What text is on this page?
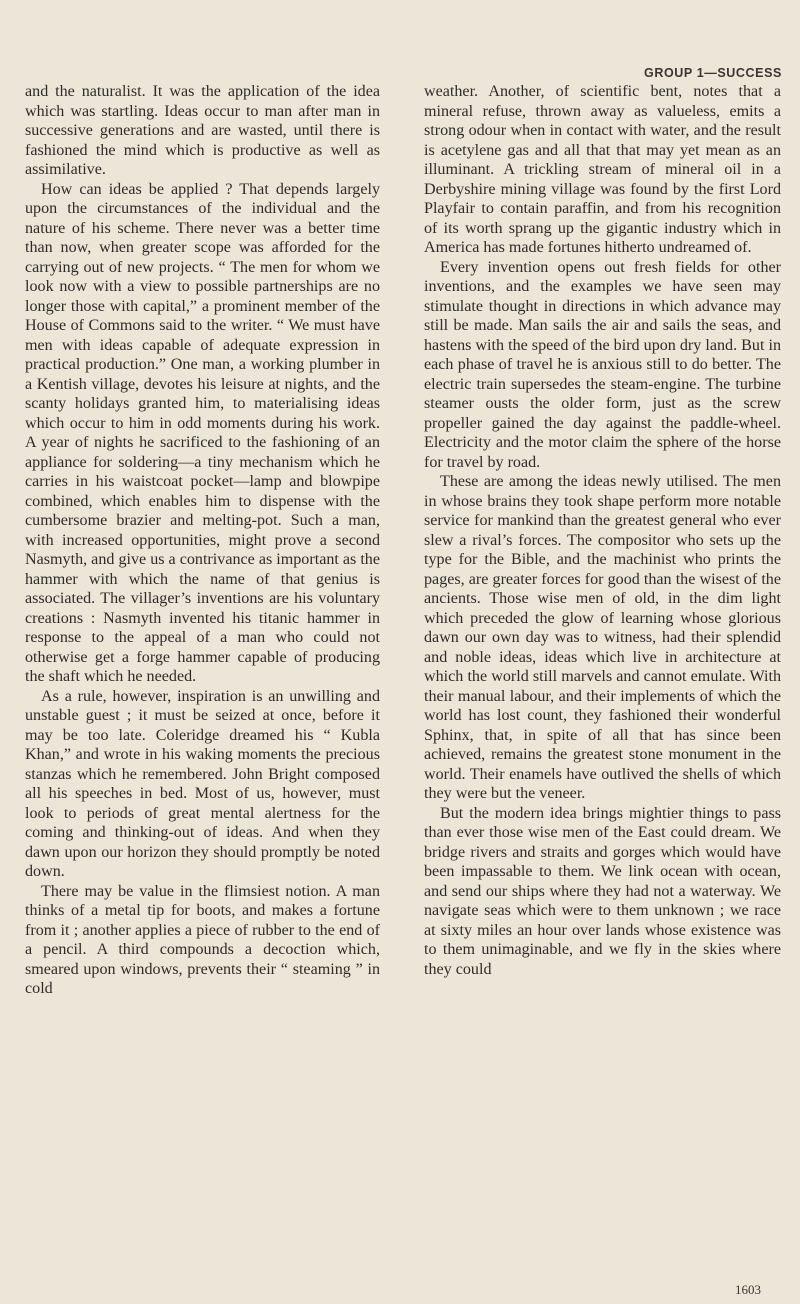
GROUP 1—SUCCESS

and the naturalist. It was the application of the idea which was startling. Ideas occur to man after man in successive generations and are wasted, until there is fashioned the mind which is productive as well as assimilative.

How can ideas be applied ? That depends largely upon the circumstances of the individual and the nature of his scheme. There never was a better time than now, when greater scope was afforded for the carrying out of new projects. “ The men for whom we look now with a view to possible partnerships are no longer those with capital,” a prominent member of the House of Commons said to the writer. “ We must have men with ideas capable of adequate expression in practical production.” One man, a working plumber in a Kentish village, devotes his leisure at nights, and the scanty holidays granted him, to materialising ideas which occur to him in odd moments during his work. A year of nights he sacrificed to the fashioning of an appliance for soldering—a tiny mechanism which he carries in his waistcoat pocket—lamp and blowpipe combined, which enables him to dispense with the cumbersome brazier and melting-pot. Such a man, with increased opportunities, might prove a second Nasmyth, and give us a contrivance as important as the hammer with which the name of that genius is associated. The villager’s inventions are his voluntary creations : Nasmyth invented his titanic hammer in response to the appeal of a man who could not otherwise get a forge hammer capable of producing the shaft which he needed.

As a rule, however, inspiration is an unwilling and unstable guest ; it must be seized at once, before it may be too late. Coleridge dreamed his “ Kubla Khan,” and wrote in his waking moments the precious stanzas which he remembered. John Bright composed all his speeches in bed. Most of us, however, must look to periods of great mental alertness for the coming and thinking-out of ideas. And when they dawn upon our horizon they should promptly be noted down.

There may be value in the flimsiest notion. A man thinks of a metal tip for boots, and makes a fortune from it ; another applies a piece of rubber to the end of a pencil. A third compounds a decoction which, smeared upon windows, prevents their “ steaming ” in cold

weather. Another, of scientific bent, notes that a mineral refuse, thrown away as valueless, emits a strong odour when in contact with water, and the result is acetylene gas and all that that may yet mean as an illuminant. A trickling stream of mineral oil in a Derbyshire mining village was found by the first Lord Playfair to contain paraffin, and from his recognition of its worth sprang up the gigantic industry which in America has made fortunes hitherto undreamed of.

Every invention opens out fresh fields for other inventions, and the examples we have seen may stimulate thought in directions in which advance may still be made. Man sails the air and sails the seas, and hastens with the speed of the bird upon dry land. But in each phase of travel he is anxious still to do better. The electric train supersedes the steam-engine. The turbine steamer ousts the older form, just as the screw propeller gained the day against the paddle-wheel. Electricity and the motor claim the sphere of the horse for travel by road.

These are among the ideas newly utilised. The men in whose brains they took shape perform more notable service for mankind than the greatest general who ever slew a rival’s forces. The compositor who sets up the type for the Bible, and the machinist who prints the pages, are greater forces for good than the wisest of the ancients. Those wise men of old, in the dim light which preceded the glow of learning whose glorious dawn our own day was to witness, had their splendid and noble ideas, ideas which live in architecture at which the world still marvels and cannot emulate. With their manual labour, and their implements of which the world has lost count, they fashioned their wonderful Sphinx, that, in spite of all that has since been achieved, remains the greatest stone monument in the world. Their enamels have outlived the shells of which they were but the veneer.

But the modern idea brings mightier things to pass than ever those wise men of the East could dream. We bridge rivers and straits and gorges which would have been impassable to them. We link ocean with ocean, and send our ships where they had not a waterway. We navigate seas which were to them unknown ; we race at sixty miles an hour over lands whose existence was to them unimaginable, and we fly in the skies where they could

1603
